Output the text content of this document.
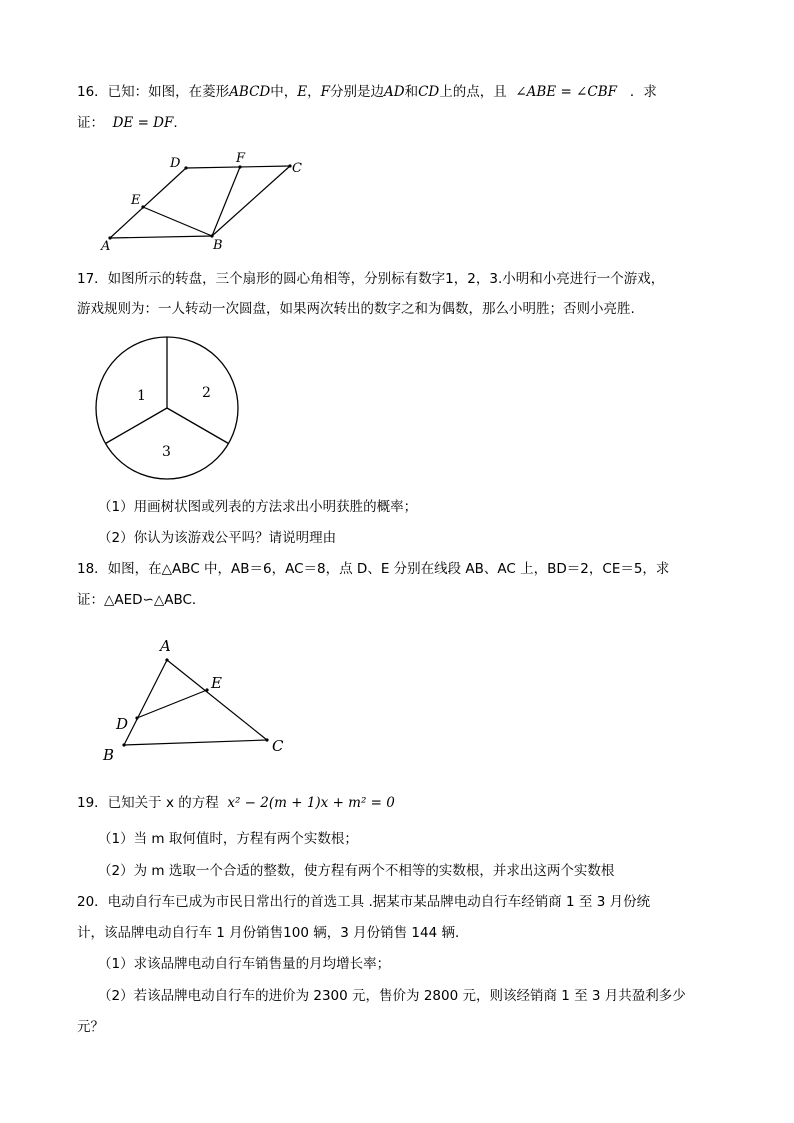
16．已知：如图，在菱形ABCD中，E，F分别是边AD和CD上的点，且 ∠ABE = ∠CBF ．求
证： DE = DF.
D	F
C
E
A	B
17．如图所示的转盘，三个扇形的圆心角相等，分别标有数字1，2，3.小明和小亮进行一个游戏，
游戏规则为：一人转动一次圆盘，如果两次转出的数字之和为偶数，那么小明胜；否则小亮胜.
1	2
3
（1）用画树状图或列表的方法求出小明获胜的概率；
（2）你认为该游戏公平吗？请说明理由
18．如图，在△ABC 中，AB＝6，AC＝8，点 D、E 分别在线段 AB、AC 上，BD＝2，CE＝5，求
证：△AED∽△ABC．
A
E
D
B	C
19．已知关于 x 的方程 x² − 2(m + 1)x + m² = 0
（1）当 m 取何值时，方程有两个实数根；
（2）为 m 选取一个合适的整数，使方程有两个不相等的实数根，并求出这两个实数根
20．电动自行车已成为市民日常出行的首选工具 .据某市某品牌电动自行车经销商 1 至 3 月份统
计，该品牌电动自行车 1 月份销售100 辆，3 月份销售 144 辆．
（1）求该品牌电动自行车销售量的月均增长率；
（2）若该品牌电动自行车的进价为 2300 元，售价为 2800 元，则该经销商 1 至 3 月共盈利多少
元？
